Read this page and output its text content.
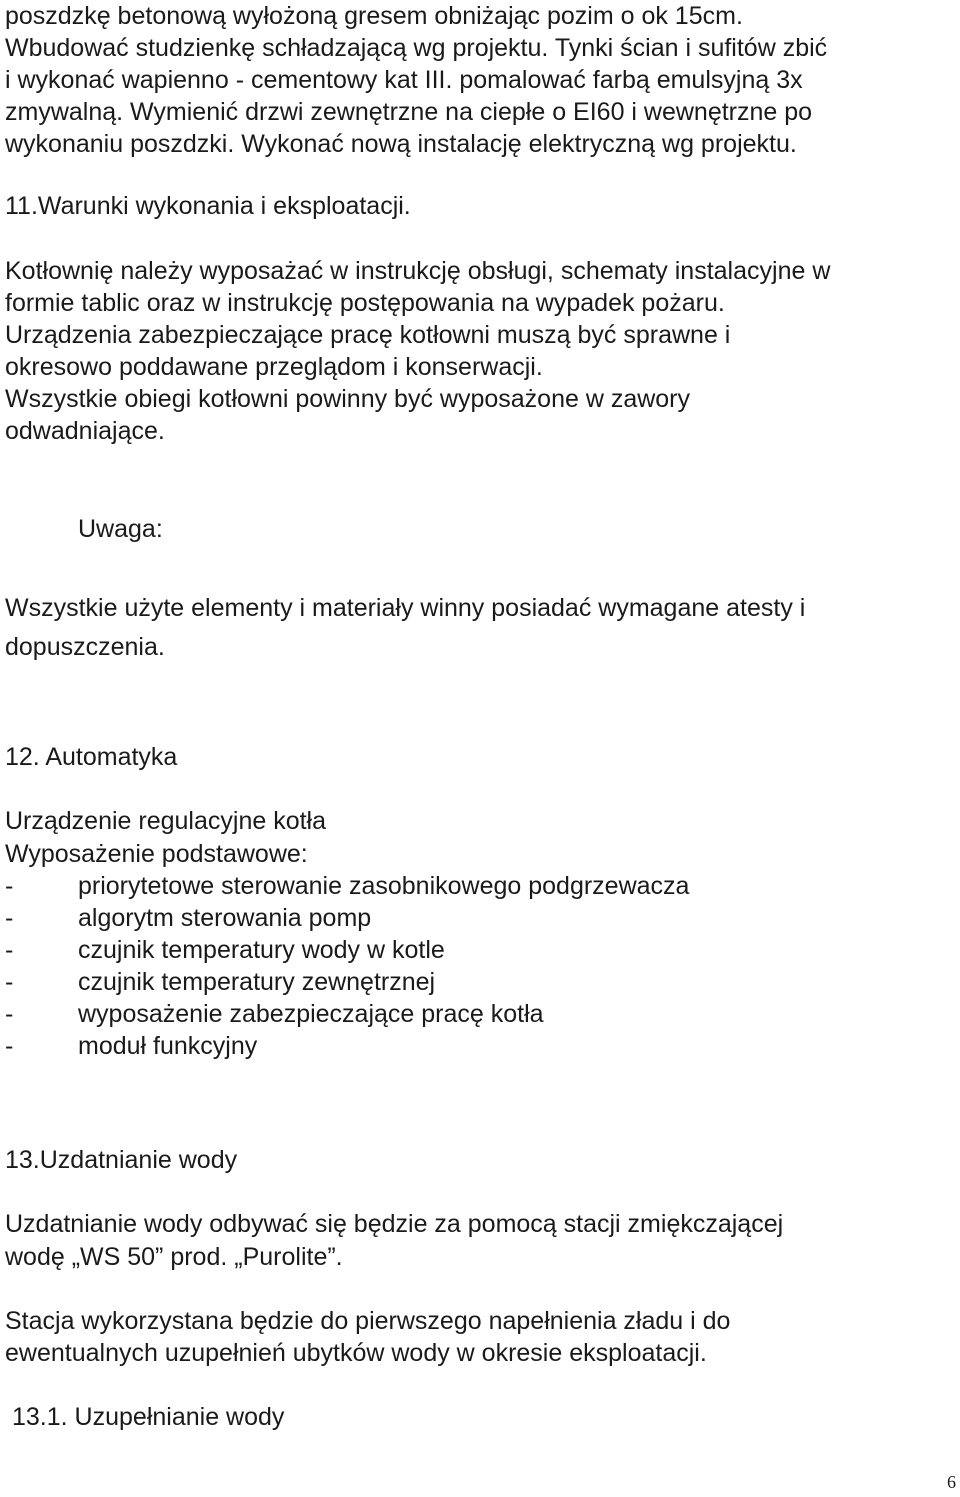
poszdzkę betonową wyłożoną gresem obniżając pozim o ok 15cm.
Wbudować studzienkę schładzającą wg projektu. Tynki ścian i sufitów zbić
i wykonać wapienno - cementowy kat III. pomalować farbą emulsyjną 3x
zmywalną. Wymienić drzwi zewnętrzne na ciepłe o EI60 i wewnętrzne po
wykonaniu poszdzki. Wykonać nową instalację elektryczną wg projektu.
11.Warunki wykonania i eksploatacji.
Kotłownię należy wyposażać w instrukcję obsługi, schematy instalacyjne w
formie tablic oraz w instrukcję postępowania na wypadek pożaru.
Urządzenia zabezpieczające pracę kotłowni muszą być sprawne i
okresowo poddawane przeglądom i konserwacji.
Wszystkie obiegi kotłowni powinny być wyposażone w zawory
odwadniające.
Uwaga:
Wszystkie użyte elementy i materiały winny posiadać wymagane atesty i
dopuszczenia.
12. Automatyka
Urządzenie regulacyjne kotła
Wyposażenie podstawowe:
-	priorytetowe sterowanie zasobnikowego podgrzewacza
-	algorytm sterowania pomp
-	czujnik temperatury wody w kotle
-	czujnik temperatury zewnętrznej
-	wyposażenie zabezpieczające pracę kotła
-	moduł funkcyjny
13.Uzdatnianie wody
Uzdatnianie wody odbywać się będzie za pomocą stacji zmiękczającej
wodę „WS 50” prod. „Purolite”.
Stacja wykorzystana będzie do pierwszego napełnienia zładu i do
ewentualnych uzupełnień ubytków wody w okresie eksploatacji.
13.1. Uzupełnianie wody
6
